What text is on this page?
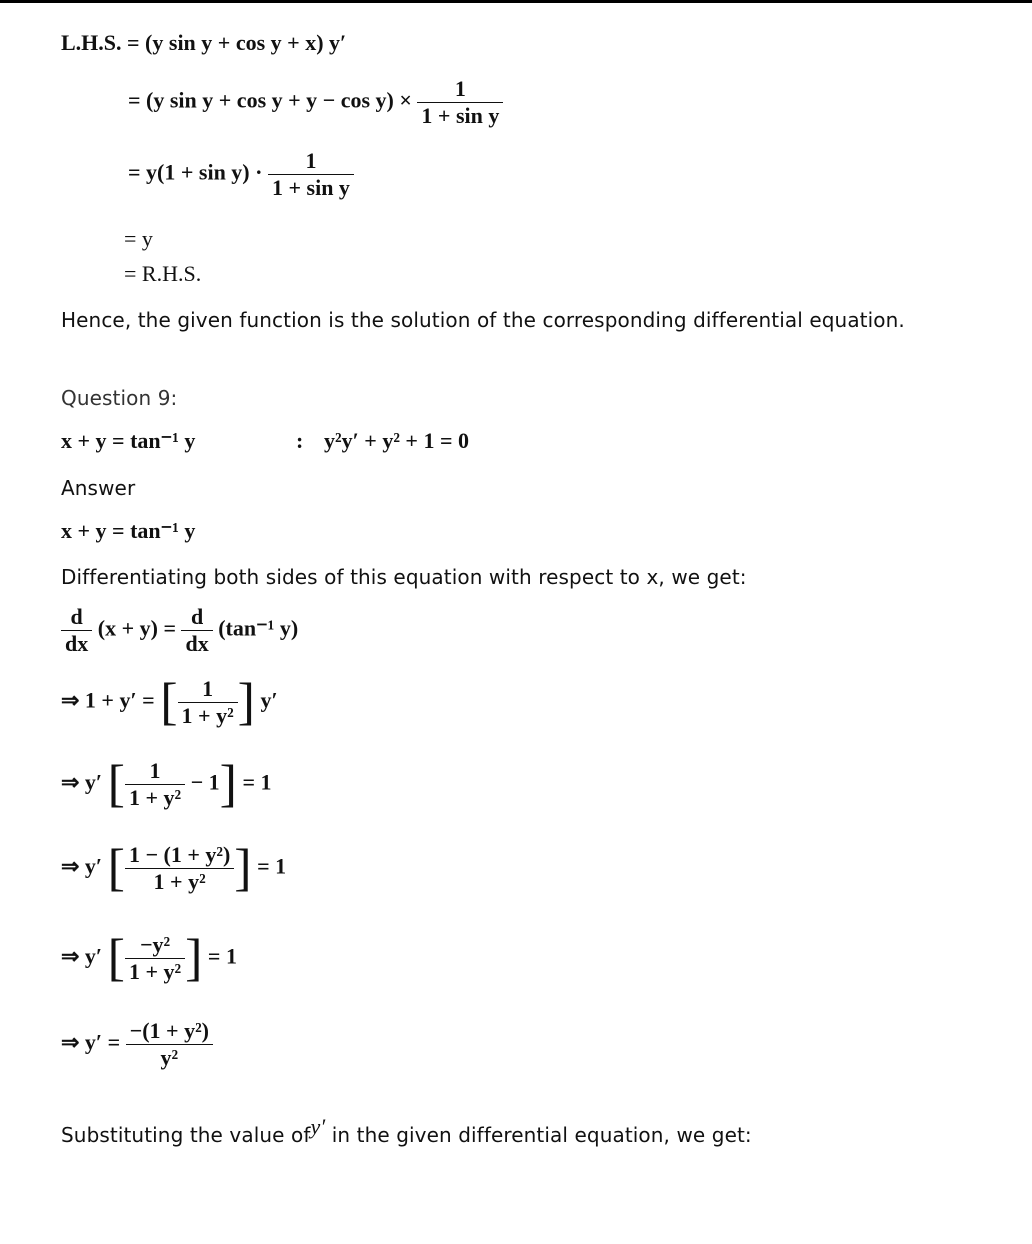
L.H.S. = (y sin y + cos y + x) y′
= (y $\sin y + \cos y + y - \cos y) \times \frac{1}{\text{1 + sin y}}$
= $y(1 + \sin y) \cdot \frac{1}{\text{1 + sin y}}$
= y
= R.H.S.
Hence, the given function is the solution of the corresponding differential equation.
Question 9:
x + y = tan⁻¹ y	: y²y′ + y² + 1 = 0
Answer
x + y = tan⁻¹ y
Differentiating both sides of this equation with respect to x, we get:
$\frac{d}{dx} (x + y) = \frac{d}{dx} (\tan^{-1}$ y)
⇒ 1 + y′ = [ $\frac{1}{\text{1 + y²}}$ ] y′
⇒ y′ [ $\frac{1}{\text{1 + y²}} - 1] = 1$
⇒ y′ [ $\frac{\text{1 − (1 + y²)}}{\text{1 + y²}}$ ] = 1
⇒ y′ [ $\frac{\text{−y²}}{\text{1 + y²}}$ ] = 1
⇒ $y' = \frac{\text{−(1 + y²)}}{\text{y²}}$
Substituting the value ofy′ in the given differential equation, we get:
